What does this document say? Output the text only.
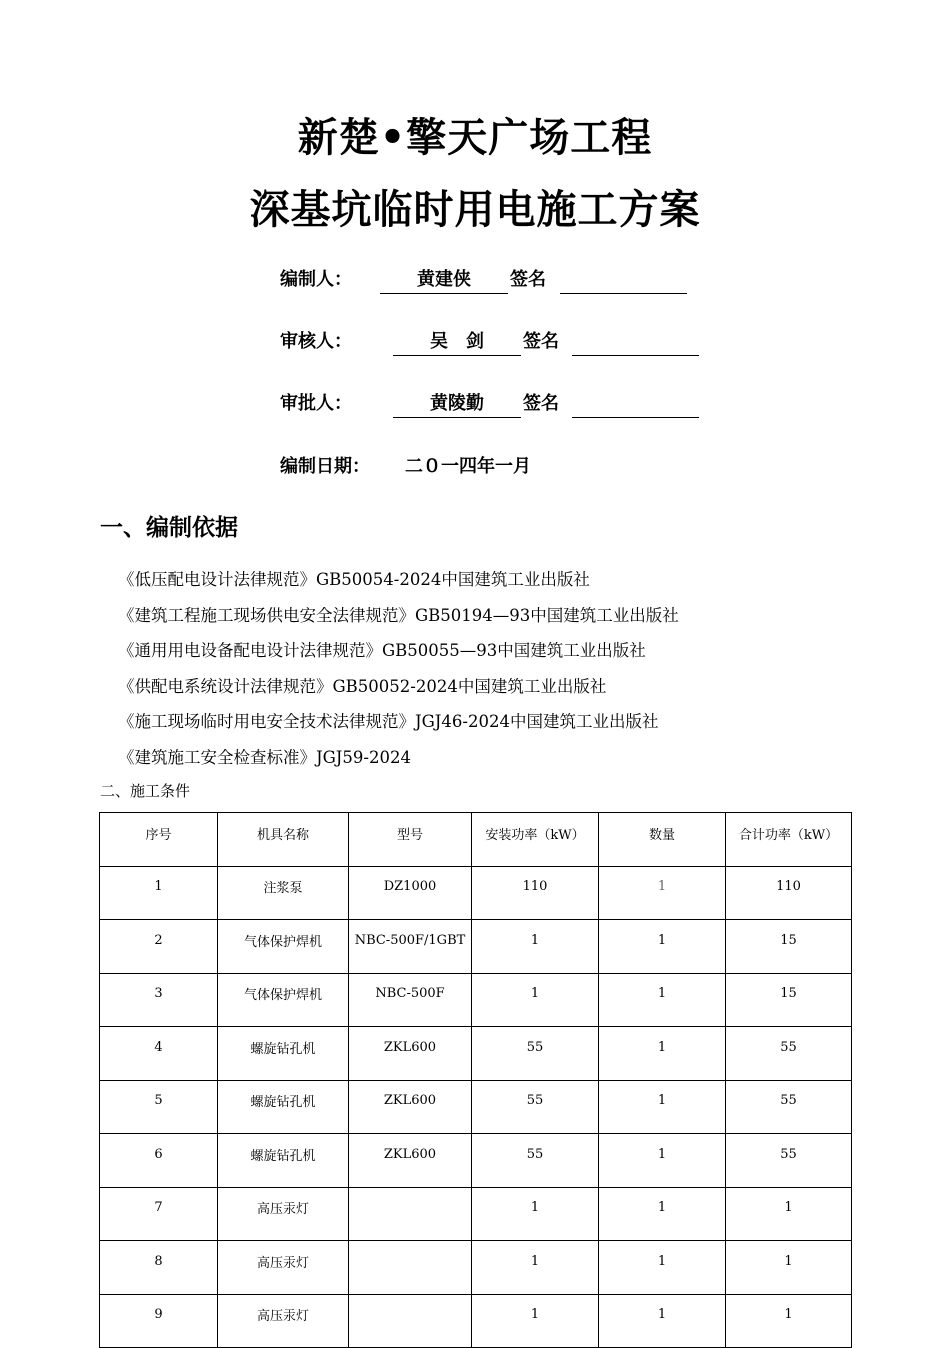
新楚•擎天广场工程
深基坑临时用电施工方案
编制人：	黄建侠	签名
审核人：	吴　剑	签名
审批人：	黄陵勤	签名
编制日期： 二０一四年一月
一、编制依据
《低压配电设计法律规范》GB50054-2024中国建筑工业出版社
《建筑工程施工现场供电安全法律规范》GB50194—93中国建筑工业出版社
《通用用电设备配电设计法律规范》GB50055—93中国建筑工业出版社
《供配电系统设计法律规范》GB50052-2024中国建筑工业出版社
《施工现场临时用电安全技术法律规范》JGJ46-2024中国建筑工业出版社
《建筑施工安全检查标准》JGJ59-2024
二、施工条件
序号	机具名称	型号	安装功率（kW）	数量	合计功率（kW）
1	注浆泵	DZ1000	110	1	110
2	气体保护焊机	NBC-500F/1GBT	1	1	15
3	气体保护焊机	NBC-500F	1	1	15
4	螺旋钻孔机	ZKL600	55	1	55
5	螺旋钻孔机	ZKL600	55	1	55
6	螺旋钻孔机	ZKL600	55	1	55
7	高压汞灯		1	1	1
8	高压汞灯		1	1	1
9	高压汞灯		1	1	1
